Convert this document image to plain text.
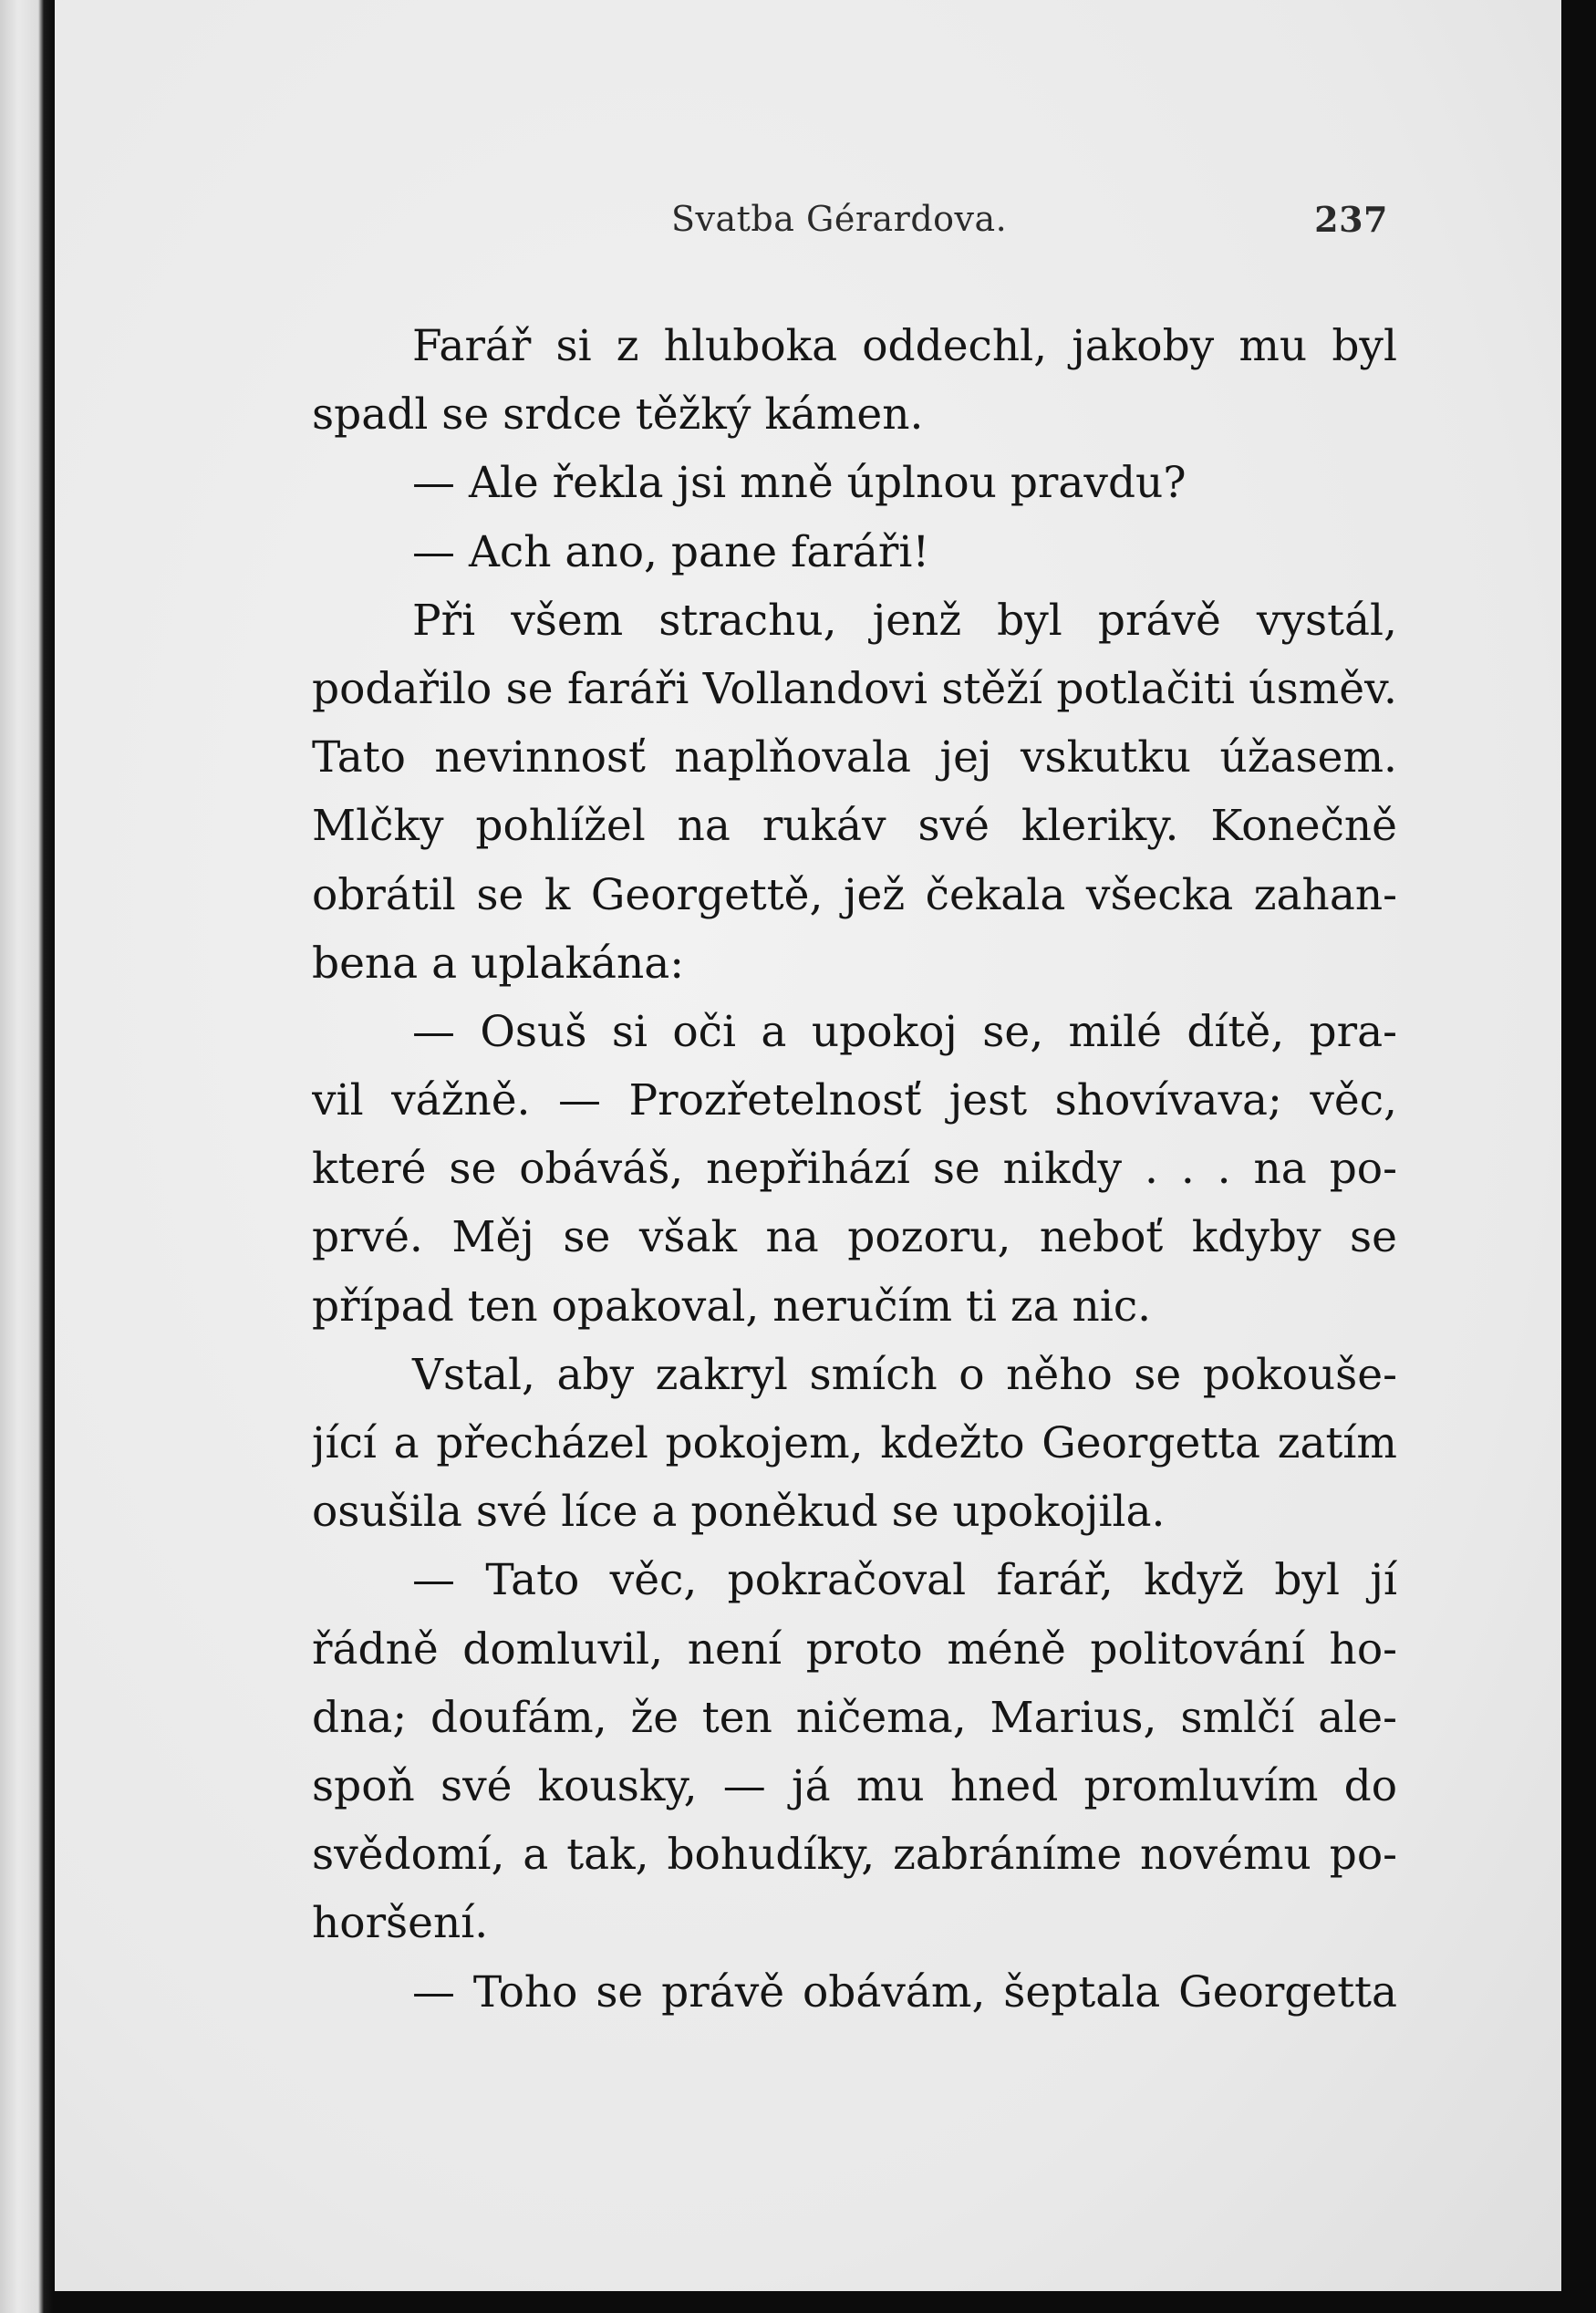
Svatba Gérardova.	237
Farář si z hluboka oddechl, jakoby mu byl
spadl se srdce těžký kámen.
— Ale řekla jsi mně úplnou pravdu?
— Ach ano, pane faráři!
Při všem strachu, jenž byl právě vystál,
podařilo se faráři Vollandovi stěží potlačiti úsměv.
Tato nevinnosť naplňovala jej vskutku úžasem.
Mlčky pohlížel na rukáv své kleriky. Konečně
obrátil se k Georgettě, jež čekala všecka zahan-
bena a uplakána:
— Osuš si oči a upokoj se, milé dítě, pra-
vil vážně. — Prozřetelnosť jest shovívava; věc,
které se obáváš, nepřihází se nikdy . . . na po-
prvé. Měj se však na pozoru, neboť kdyby se
případ ten opakoval, neručím ti za nic.
Vstal, aby zakryl smích o něho se pokouše-
jící a přecházel pokojem, kdežto Georgetta zatím
osušila své líce a poněkud se upokojila.
— Tato věc, pokračoval farář, když byl jí
řádně domluvil, není proto méně politování ho-
dna; doufám, že ten ničema, Marius, smlčí ale-
spoň své kousky, — já mu hned promluvím do
svědomí, a tak, bohudíky, zabráníme novému po-
horšení.
— Toho se právě obávám, šeptala Georgetta
